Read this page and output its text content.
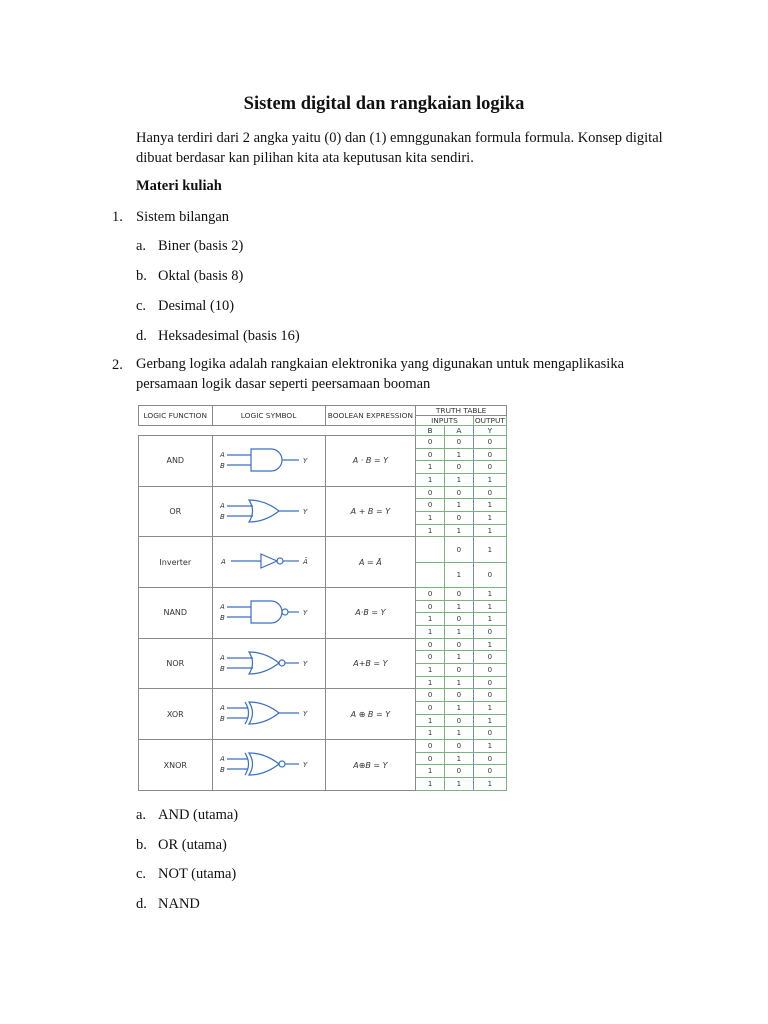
Sistem digital dan rangkaian logika
Hanya terdiri dari 2 angka yaitu (0) dan (1) emnggunakan formula formula. Konsep digital dibuat berdasar kan pilihan kita ata keputusan kita sendiri.
Materi kuliah
1. Sistem bilangan
a. Biner (basis 2)
b. Oktal (basis 8)
c. Desimal (10)
d. Heksadesimal (basis 16)
2. Gerbang logika adalah rangkaian elektronika yang digunakan untuk mengaplikasika persamaan logik dasar seperti peersamaan booman
LOGIC FUNCTION	LOGIC SYMBOL	BOOLEAN EXPRESSION	TRUTH TABLE		
			INPUTS		OUTPUT
			B	A	Y
AND	A
B
Y	A · B = Y	0	0	0
			0	1	0
			1	0	0
			1	1	1
OR	A
B
Y	A + B = Y	0	0	0
			0	1	1
			1	0	1
			1	1	1
Inverter	A Ā	A = Ā		0	1
				1	0
NAND	A
B
Y	A·B = Y	0	0	1
			0	1	1
			1	0	1
			1	1	0
NOR	A
B
Y	A+B = Y	0	0	1
			0	1	0
			1	0	0
			1	1	0
XOR	A
B
Y	A ⊕ B = Y	0	0	0
			0	1	1
			1	0	1
			1	1	0
XNOR	A
B
Y	A⊕B = Y	0	0	1
			0	1	0
			1	0	0
			1	1	1
a. AND (utama)
b. OR (utama)
c. NOT (utama)
d. NAND
